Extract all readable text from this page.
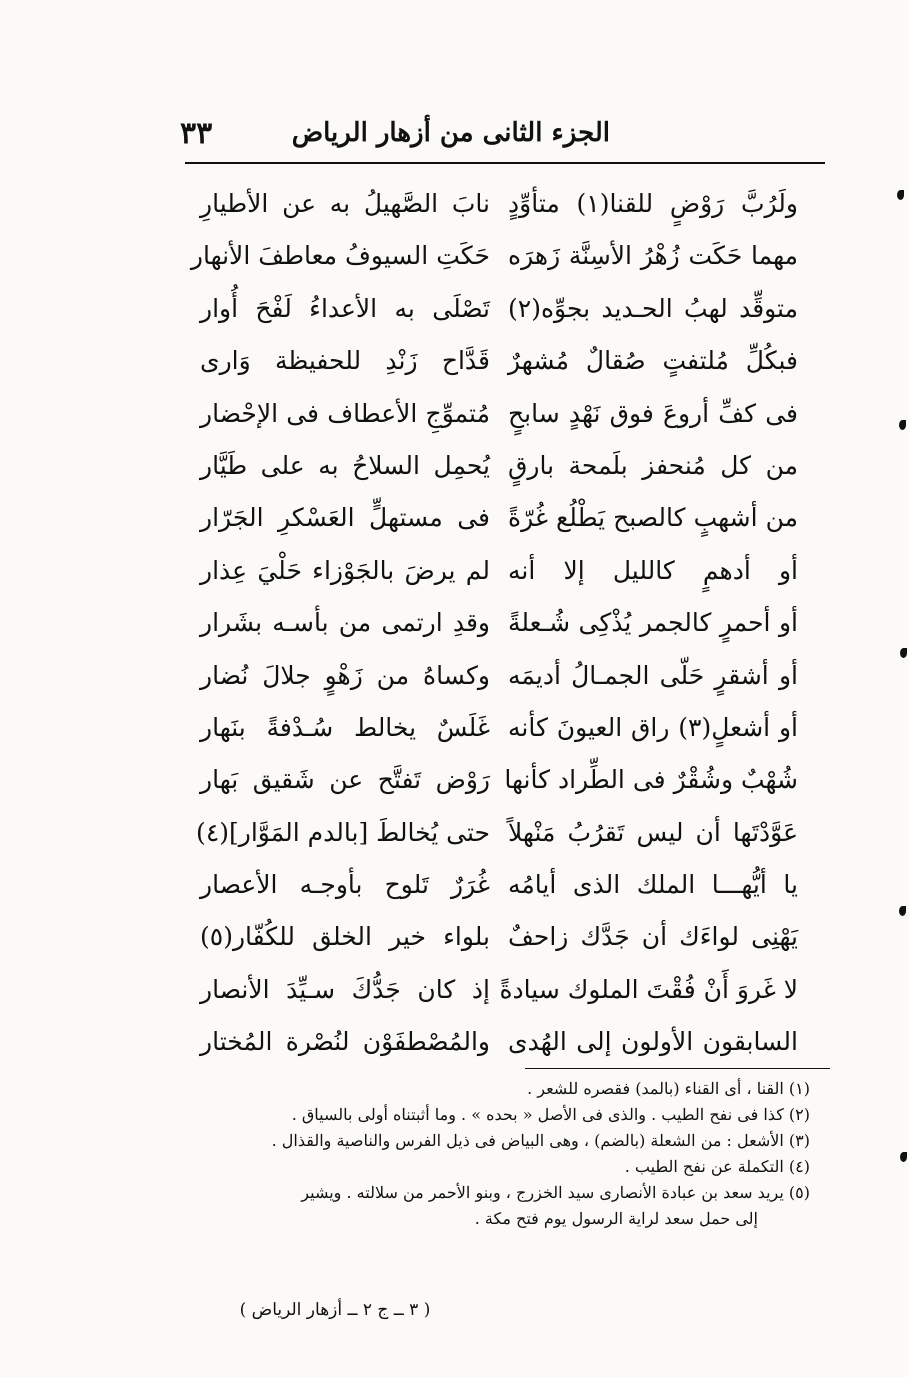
الجزء الثانى من أزهار الرياض
٣٣
ولَرُبَّ رَوْضٍ للقنا(١) متأوِّدٍ
نابَ الصَّهيلُ به عن الأطيارِ
مهما حَكَت زُهْرُ الأسِنَّة زَهرَه
حَكَتِ السيوفُ معاطفَ الأنهار
متوقِّد لهبُ الحـديد بجوِّه(٢)
تَصْلَى به الأعداءُ لَفْحَ أُوار
فبكُلِّ مُلتفتٍ صُقالٌ مُشهرٌ
قَدَّاح زَنْدِ للحفيظة وَارى
فى كفِّ أروعَ فوق نَهْدٍ سابحٍ
مُتموِّجِ الأعطاف فى الإحْضار
من كل مُنحفز بلَمحة بارقٍ
يُحمِل السلاحُ به على طَيَّار
من أشهبٍ كالصبح يَطْلُع غُرّةً
فى مستهلٍّ العَسْكرِ الجَرّار
أو أدهمٍ كالليل إلا أنه
لم يرضَ بالجَوْزاء حَلْيَ عِذار
أو أحمرٍ كالجمر يُذْكِى شُـعلةً
وقدِ ارتمى من بأسـه بشَرار
أو أشقرٍ حَلّى الجمـالُ أديمَه
وكساهُ من زَهْوٍ جلالَ نُضار
أو أشعلٍ(٣) راق العيونَ كأنه
غَلَسٌ يخالط سُـدْفةً بنَهار
شُهْبٌ وشُقْرٌ فى الطِّراد كأنها
رَوْض تَفتَّح عن شَقيق بَهار
عَوَّدْتَها أن ليس تَقرُبُ مَنْهلاً
حتى يُخالطَ [بالدم المَوَّار](٤)
يا أيُّهـــا الملك الذى أيامُه
غُرَرٌ تَلوح بأوجـه الأعصار
يَهْنِى لواءَك أن جَدَّك زاحفٌ
بلواء خير الخلق للكُفّار(٥)
لا غَروَ أَنْ فُقْتَ الملوك سيادةً
إذ كان جَدُّكَ سـيِّدَ الأنصار
السابقون الأولون إلى الهُدى
والمُصْطفَوْن لنُصْرة المُختار
(١) القنا ، أى القناء (بالمد) فقصره للشعر .
(٢) كذا فى نفح الطيب . والذى فى الأصل « بحده » . وما أثبتناه أولى بالسياق .
(٣) الأشعل : من الشعلة (بالضم) ، وهى البياض فى ذيل الفرس والناصية والقذال .
(٤) التكملة عن نفح الطيب .
(٥) يريد سعد بن عبادة الأنصارى سيد الخزرج ، وبنو الأحمر من سلالته . ويشير
إلى حمل سعد لراية الرسول يوم فتح مكة .
( ٣ ــ ج ٢ ــ أزهار الرياض )
